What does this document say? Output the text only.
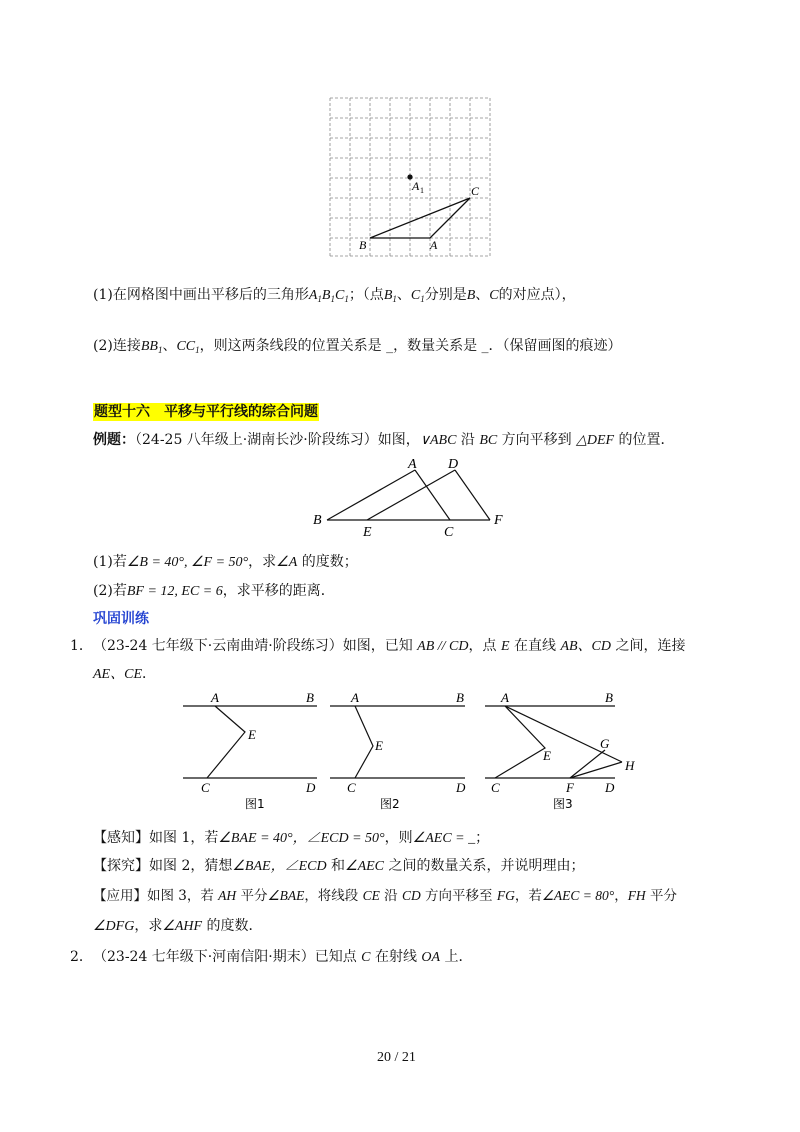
A 1	C
B	A
(1)在网格图中画出平移后的三角形$A_1B_1C_1$；（点$B_1$、$C_1$分别是B、C的对应点），
(2)连接$BB_1$、$CC_1$，则这两条线段的位置关系是 _，数量关系是 _．（保留画图的痕迹）
题型十六　平移与平行线的综合问题
例题：（24-25 八年级上·湖南长沙·阶段练习）如图，∨ABC 沿 BC 方向平移到 △DEF 的位置．
A D
B
E	C
F
(1)若∠B = 40°, ∠F = 50°，求∠A 的度数；
(2)若BF = 12, EC = 6，求平移的距离．
巩固训练
1． （23-24 七年级下·云南曲靖·阶段练习）如图，已知 AB // CD，点 E 在直线 AB、CD 之间，连接
AE、CE．
A	B
E
C	D
A	B
E
C	D
A	B
E
G
H
C	F D
图1	图2	图3
【感知】如图 1，若∠BAE = 40°，∠ECD = 50°，则∠AEC = _；
【探究】如图 2，猜想∠BAE，∠ECD 和∠AEC 之间的数量关系，并说明理由；
【应用】如图 3，若 AH 平分∠BAE，将线段 CE 沿 CD 方向平移至 FG，若∠AEC = 80°，FH 平分
∠DFG，求∠AHF 的度数．
2． （23-24 七年级下·河南信阳·期末）已知点 C 在射线 OA 上．
20 / 21
